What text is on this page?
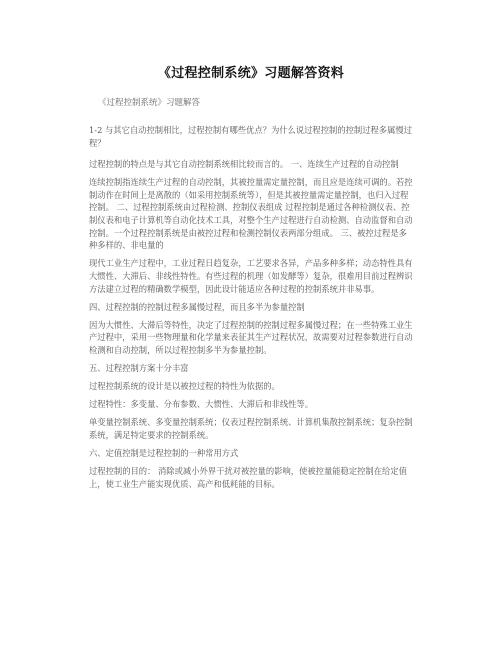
《过程控制系统》习题解答资料
《过程控制系统》习题解答

1-2 与其它自动控制相比，过程控制有哪些优点？为什么说过程控制的控制过程多属慢过程？

过程控制的特点是与其它自动控制系统相比较而言的。 一、连续生产过程的自动控制

连续控制指连续生产过程的自动控制，其被控量需定量控制，而且应是连续可调的。若控制动作在时间上是离散的（如采用控制系统等），但是其被控量需定量控制，也归入过程控制。 二、过程控制系统由过程检测、控制仪表组成 过程控制是通过各种检测仪表、控制仪表和电子计算机等自动化技术工具，对整个生产过程进行自动检测、自动监督和自动控制。一个过程控制系统是由被控过程和检测控制仪表两部分组成。 三、被控过程是多种多样的、非电量的

现代工业生产过程中，工业过程日趋复杂，工艺要求各异，产品多种多样；动态特性具有大惯性、大滞后、非线性特性。有些过程的机理（如发酵等）复杂，很难用目前过程辨识方法建立过程的精确数学模型，因此设计能适应各种过程的控制系统并非易事。

四、过程控制的控制过程多属慢过程，而且多半为参量控制

因为大惯性、大滞后等特性，决定了过程控制的控制过程多属慢过程；在一些特殊工业生产过程中，采用一些物理量和化学量来表征其生产过程状况，故需要对过程参数进行自动检测和自动控制，所以过程控制多半为参量控制。

五、过程控制方案十分丰富

过程控制系统的设计是以被控过程的特性为依据的。

过程特性：多变量、分布参数、大惯性、大滞后和非线性等。

单变量控制系统、多变量控制系统；仪表过程控制系统、计算机集散控制系统；复杂控制系统，满足特定要求的控制系统。

六、定值控制是过程控制的一种常用方式

过程控制的目的： 消除或减小外界干扰对被控量的影响，使被控量能稳定控制在给定值上，使工业生产能实现优质、高产和低耗能的目标。
